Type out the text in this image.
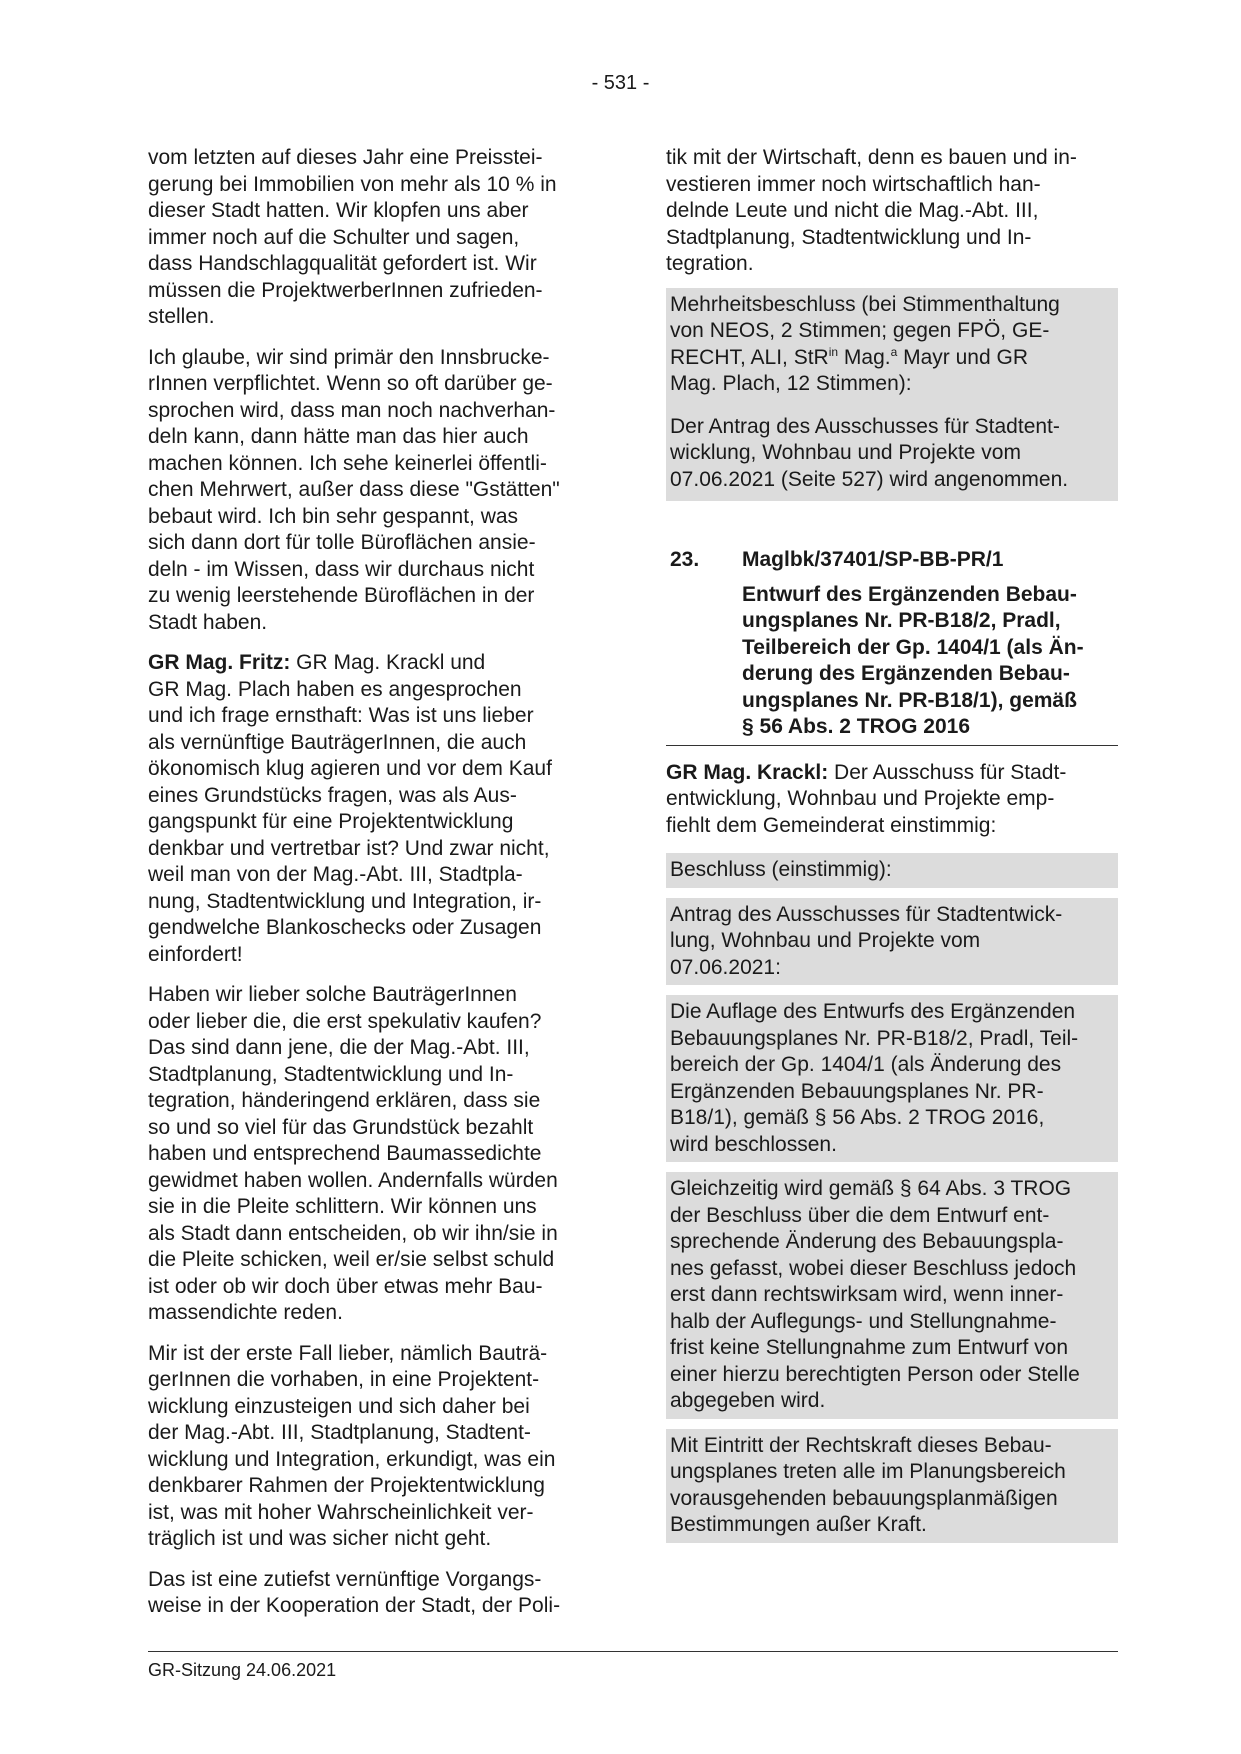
- 531 -

vom letzten auf dieses Jahr eine Preisstei-
gerung bei Immobilien von mehr als 10 % in
dieser Stadt hatten. Wir klopfen uns aber
immer noch auf die Schulter und sagen,
dass Handschlagqualität gefordert ist. Wir
müssen die ProjektwerberInnen zufrieden-
stellen.

Ich glaube, wir sind primär den Innsbrucke-
rInnen verpflichtet. Wenn so oft darüber ge-
sprochen wird, dass man noch nachverhan-
deln kann, dann hätte man das hier auch
machen können. Ich sehe keinerlei öffentli-
chen Mehrwert, außer dass diese "Gstätten"
bebaut wird. Ich bin sehr gespannt, was
sich dann dort für tolle Büroflächen ansie-
deln - im Wissen, dass wir durchaus nicht
zu wenig leerstehende Büroflächen in der
Stadt haben.

GR Mag. Fritz: GR Mag. Krackl und
GR Mag. Plach haben es angesprochen
und ich frage ernsthaft: Was ist uns lieber
als vernünftige BauträgerInnen, die auch
ökonomisch klug agieren und vor dem Kauf
eines Grundstücks fragen, was als Aus-
gangspunkt für eine Projektentwicklung
denkbar und vertretbar ist? Und zwar nicht,
weil man von der Mag.-Abt. III, Stadtpla-
nung, Stadtentwicklung und Integration, ir-
gendwelche Blankoschecks oder Zusagen
einfordert!

Haben wir lieber solche BauträgerInnen
oder lieber die, die erst spekulativ kaufen?
Das sind dann jene, die der Mag.-Abt. III,
Stadtplanung, Stadtentwicklung und In-
tegration, händeringend erklären, dass sie
so und so viel für das Grundstück bezahlt
haben und entsprechend Baumassedichte
gewidmet haben wollen. Andernfalls würden
sie in die Pleite schlittern. Wir können uns
als Stadt dann entscheiden, ob wir ihn/sie in
die Pleite schicken, weil er/sie selbst schuld
ist oder ob wir doch über etwas mehr Bau-
massendichte reden.

Mir ist der erste Fall lieber, nämlich Bauträ-
gerInnen die vorhaben, in eine Projektent-
wicklung einzusteigen und sich daher bei
der Mag.-Abt. III, Stadtplanung, Stadtent-
wicklung und Integration, erkundigt, was ein
denkbarer Rahmen der Projektentwicklung
ist, was mit hoher Wahrscheinlichkeit ver-
träglich ist und was sicher nicht geht.

Das ist eine zutiefst vernünftige Vorgangs-
weise in der Kooperation der Stadt, der Poli-

tik mit der Wirtschaft, denn es bauen und in-
vestieren immer noch wirtschaftlich han-
delnde Leute und nicht die Mag.-Abt. III,
Stadtplanung, Stadtentwicklung und In-
tegration.

Mehrheitsbeschluss (bei Stimmenthaltung
von NEOS, 2 Stimmen; gegen FPÖ, GE-
RECHT, ALI, StR$^{in}$ Mag.$^a$ Mayr und GR
Mag. Plach, 12 Stimmen):
Der Antrag des Ausschusses für Stadtent-
wicklung, Wohnbau und Projekte vom
07.06.2021 (Seite 527) wird angenommen.
23. Maglbk/37401/SP-BB-PR/1
Entwurf des Ergänzenden Bebau-
ungsplanes Nr. PR-B18/2, Pradl,
Teilbereich der Gp. 1404/1 (als Än-
derung des Ergänzenden Bebau-
ungsplanes Nr. PR-B18/1), gemäß
§ 56 Abs. 2 TROG 2016

GR Mag. Krackl: Der Ausschuss für Stadt-
entwicklung, Wohnbau und Projekte emp-
fiehlt dem Gemeinderat einstimmig:

Beschluss (einstimmig):
Antrag des Ausschusses für Stadtentwick-
lung, Wohnbau und Projekte vom
07.06.2021:
Die Auflage des Entwurfs des Ergänzenden
Bebauungsplanes Nr. PR-B18/2, Pradl, Teil-
bereich der Gp. 1404/1 (als Änderung des
Ergänzenden Bebauungsplanes Nr. PR-
B18/1), gemäß § 56 Abs. 2 TROG 2016,
wird beschlossen.
Gleichzeitig wird gemäß § 64 Abs. 3 TROG
der Beschluss über die dem Entwurf ent-
sprechende Änderung des Bebauungspla-
nes gefasst, wobei dieser Beschluss jedoch
erst dann rechtswirksam wird, wenn inner-
halb der Auflegungs- und Stellungnahme-
frist keine Stellungnahme zum Entwurf von
einer hierzu berechtigten Person oder Stelle
abgegeben wird.
Mit Eintritt der Rechtskraft dieses Bebau-
ungsplanes treten alle im Planungsbereich
vorausgehenden bebauungsplanmäßigen
Bestimmungen außer Kraft.
GR-Sitzung 24.06.2021
